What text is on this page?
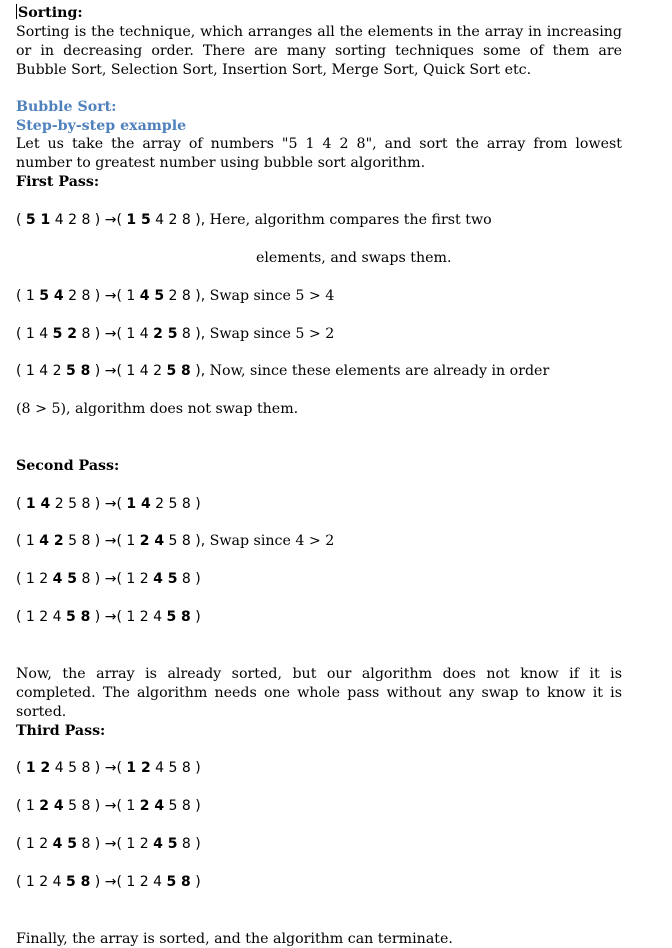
Sorting:
Sorting is the technique, which arranges all the elements in the array in increasing or in decreasing order. There are many sorting techniques some of them are Bubble Sort, Selection Sort, Insertion Sort, Merge Sort, Quick Sort etc.
Bubble Sort:
Step-by-step example
Let us take the array of numbers "5 1 4 2 8", and sort the array from lowest number to greatest number using bubble sort algorithm.
First Pass:

( 5 1 4 2 8 ) →( 1 5 4 2 8 ), Here, algorithm compares the first two

elements, and swaps them.

( 1 5 4 2 8 ) →( 1 4 5 2 8 ), Swap since 5 > 4

( 1 4 5 2 8 ) →( 1 4 2 5 8 ), Swap since 5 > 2

( 1 4 2 5 8 ) →( 1 4 2 5 8 ), Now, since these elements are already in order

(8 > 5), algorithm does not swap them.

Second Pass:

( 1 4 2 5 8 ) →( 1 4 2 5 8 )

( 1 4 2 5 8 ) →( 1 2 4 5 8 ), Swap since 4 > 2

( 1 2 4 5 8 ) →( 1 2 4 5 8 )

( 1 2 4 5 8 ) →( 1 2 4 5 8 )

Now, the array is already sorted, but our algorithm does not know if it is completed. The algorithm needs one whole pass without any swap to know it is sorted.
Third Pass:

( 1 2 4 5 8 ) →( 1 2 4 5 8 )

( 1 2 4 5 8 ) →( 1 2 4 5 8 )

( 1 2 4 5 8 ) →( 1 2 4 5 8 )

( 1 2 4 5 8 ) →( 1 2 4 5 8 )

Finally, the array is sorted, and the algorithm can terminate.
